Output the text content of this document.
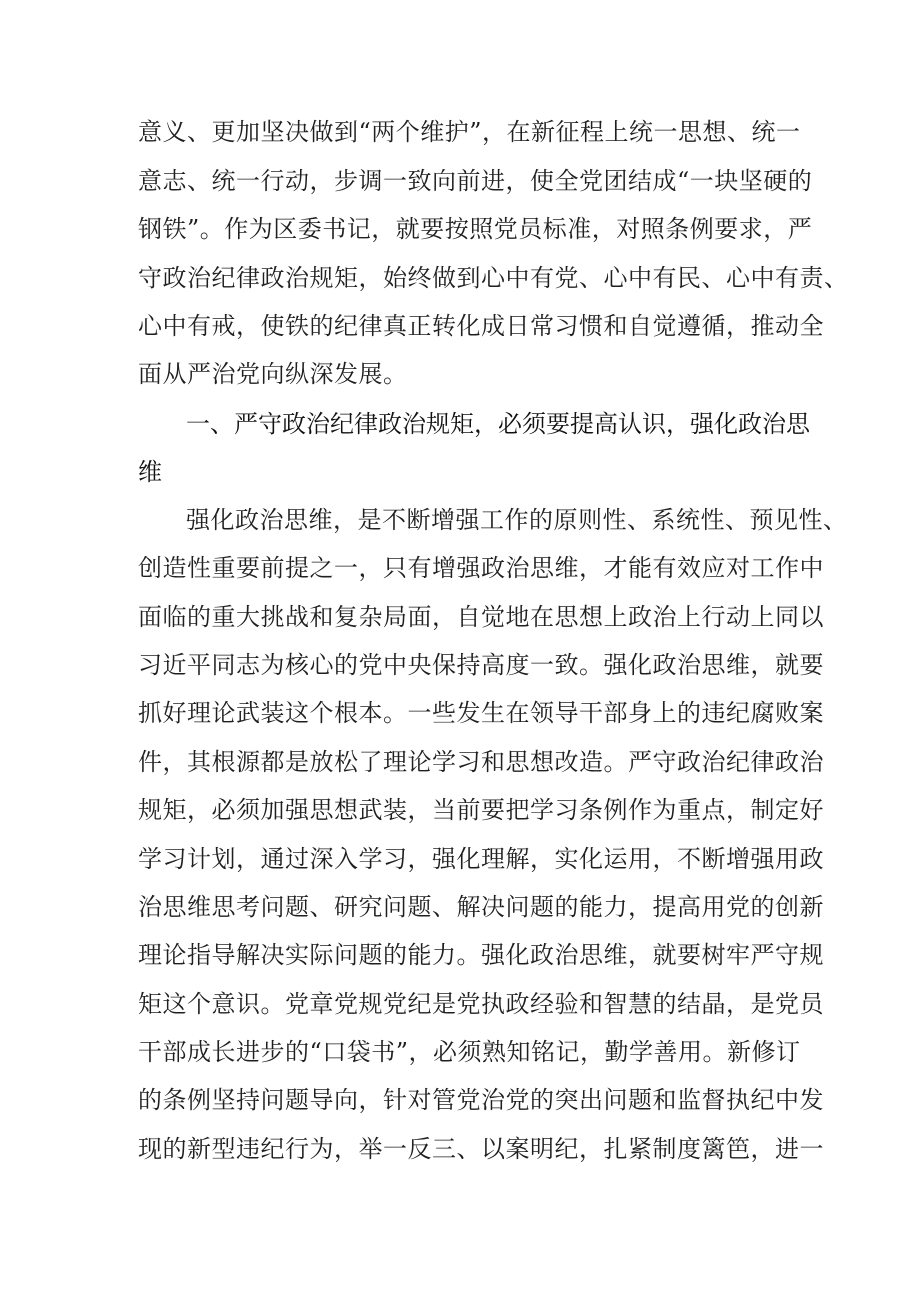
意义、更加坚决做到“两个维护”，在新征程上统一思想、统一
意志、统一行动，步调一致向前进，使全党团结成“一块坚硬的
钢铁”。作为区委书记，就要按照党员标准，对照条例要求，严
守政治纪律政治规矩，始终做到心中有党、心中有民、心中有责、
心中有戒，使铁的纪律真正转化成日常习惯和自觉遵循，推动全
面从严治党向纵深发展。
一、严守政治纪律政治规矩，必须要提高认识，强化政治思
维
强化政治思维，是不断增强工作的原则性、系统性、预见性、
创造性重要前提之一，只有增强政治思维，才能有效应对工作中
面临的重大挑战和复杂局面，自觉地在思想上政治上行动上同以
习近平同志为核心的党中央保持高度一致。强化政治思维，就要
抓好理论武装这个根本。一些发生在领导干部身上的违纪腐败案
件，其根源都是放松了理论学习和思想改造。严守政治纪律政治
规矩，必须加强思想武装，当前要把学习条例作为重点，制定好
学习计划，通过深入学习，强化理解，实化运用，不断增强用政
治思维思考问题、研究问题、解决问题的能力，提高用党的创新
理论指导解决实际问题的能力。强化政治思维，就要树牢严守规
矩这个意识。党章党规党纪是党执政经验和智慧的结晶，是党员
干部成长进步的“口袋书”，必须熟知铭记，勤学善用。新修订
的条例坚持问题导向，针对管党治党的突出问题和监督执纪中发
现的新型违纪行为，举一反三、以案明纪，扎紧制度篱笆，进一
